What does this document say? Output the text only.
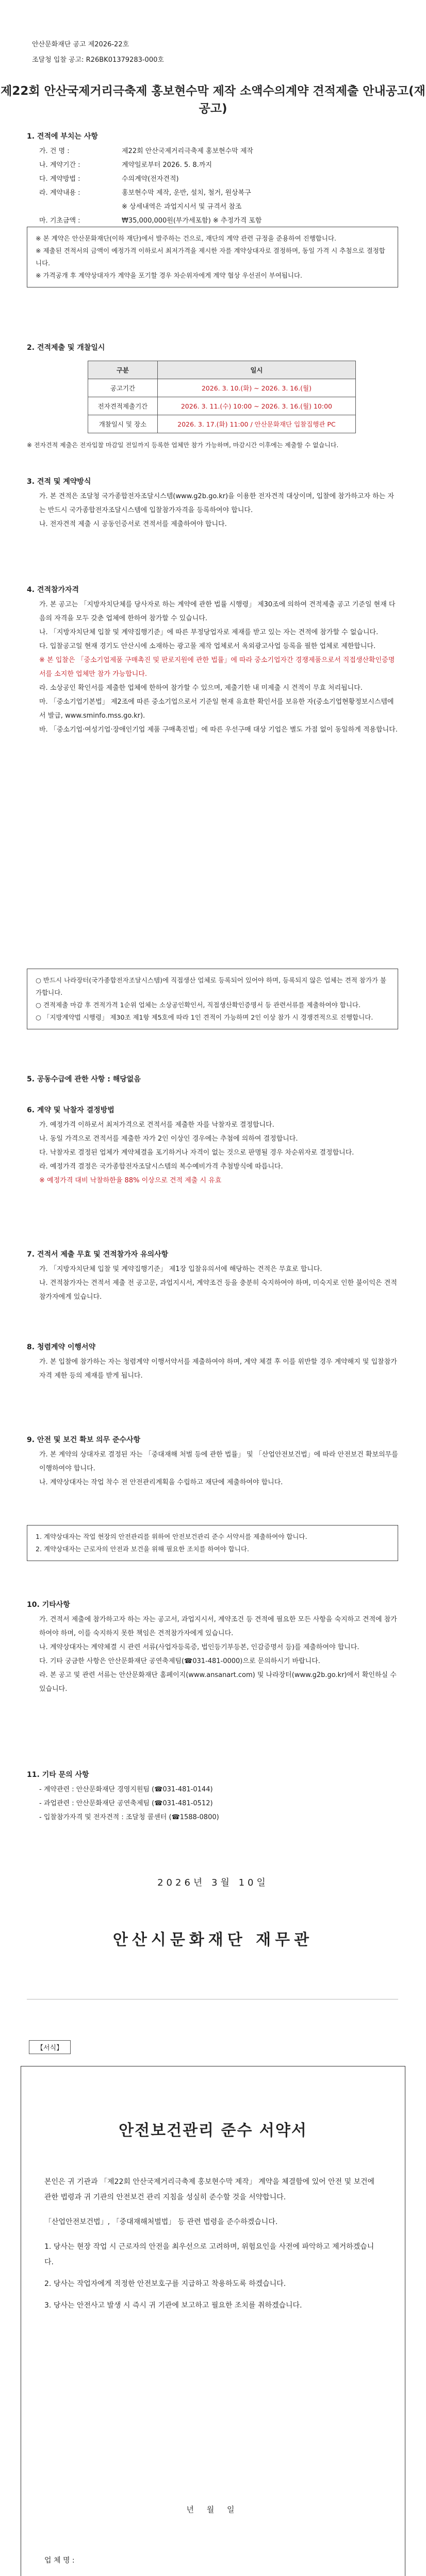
안산문화재단 공고 제2026-22호
조달청 입찰 공고: R26BK01379283-000호
제22회 안산국제거리극축제 홍보현수막 제작 소액수의계약 견적제출 안내공고(재공고)
1. 견적에 부치는 사항
가. 건 명 :	제22회 안산국제거리극축제 홍보현수막 제작
나. 계약기간 :	계약일로부터 2026. 5. 8.까지
다. 계약방법 :	수의계약(전자견적)
라. 계약내용 :	홍보현수막 제작, 운반, 설치, 철거, 원상복구
※ 상세내역은 과업지시서 및 규격서 참조
마. 기초금액 :	₩35,000,000원(부가세포함) ※ 추정가격 포함
※ 본 계약은 안산문화재단(이하 재단)에서 발주하는 건으로, 재단의 계약 관련 규정을 준용하여 진행합니다.
※ 제출된 견적서의 금액이 예정가격 이하로서 최저가격을 제시한 자를 계약상대자로 결정하며, 동일 가격 시 추첨으로 결정합니다.
※ 가격공개 후 계약상대자가 계약을 포기할 경우 차순위자에게 계약 협상 우선권이 부여됩니다.
2. 견적제출 및 개찰일시
구분	일시
공고기간	2026. 3. 10.(화) ~ 2026. 3. 16.(월)
전자견적제출기간	2026. 3. 11.(수) 10:00 ~ 2026. 3. 16.(월) 10:00
개찰일시 및 장소	2026. 3. 17.(화) 11:00 / 안산문화재단 입찰집행관 PC
※ 전자견적 제출은 전자입찰 마감일 전일까지 등록한 업체만 참가 가능하며, 마감시간 이후에는 제출할 수 없습니다.
3. 견적 및 계약방식
가. 본 견적은 조달청 국가종합전자조달시스템(www.g2b.go.kr)을 이용한 전자견적 대상이며, 입찰에 참가하고자 하는 자는 반드시 국가종합전자조달시스템에 입찰참가자격을 등록하여야 합니다.
나. 전자견적 제출 시 공동인증서로 견적서를 제출하여야 합니다.
4. 견적참가자격
가. 본 공고는 「지방자치단체를 당사자로 하는 계약에 관한 법률 시행령」 제30조에 의하여 견적제출 공고 기준일 현재 다음의 자격을 모두 갖춘 업체에 한하여 참가할 수 있습니다.
나. 「지방자치단체 입찰 및 계약집행기준」에 따른 부정당업자로 제재를 받고 있는 자는 견적에 참가할 수 없습니다.
다. 입찰공고일 현재 경기도 안산시에 소재하는 광고물 제작 업체로서 옥외광고사업 등록을 필한 업체로 제한합니다.
※ 본 입찰은 「중소기업제품 구매촉진 및 판로지원에 관한 법률」에 따라 중소기업자간 경쟁제품으로서 직접생산확인증명서를 소지한 업체만 참가 가능합니다.
라. 소상공인 확인서를 제출한 업체에 한하여 참가할 수 있으며, 제출기한 내 미제출 시 견적이 무효 처리됩니다.
마. 「중소기업기본법」 제2조에 따른 중소기업으로서 기준일 현재 유효한 확인서를 보유한 자(중소기업현황정보시스템에서 발급, www.sminfo.mss.go.kr).
바. 「중소기업·여성기업·장애인기업 제품 구매촉진법」에 따른 우선구매 대상 기업은 별도 가점 없이 동일하게 적용합니다.
○ 반드시 나라장터(국가종합전자조달시스템)에 직접생산 업체로 등록되어 있어야 하며, 등록되지 않은 업체는 견적 참가가 불가합니다.
○ 견적제출 마감 후 견적가격 1순위 업체는 소상공인확인서, 직접생산확인증명서 등 관련서류를 제출하여야 합니다.
○ 「지방계약법 시행령」 제30조 제1항 제5호에 따라 1인 견적이 가능하며 2인 이상 참가 시 경쟁견적으로 진행합니다.
5. 공동수급에 관한 사항 : 해당없음
6. 계약 및 낙찰자 결정방법
가. 예정가격 이하로서 최저가격으로 견적서를 제출한 자를 낙찰자로 결정합니다.
나. 동일 가격으로 견적서를 제출한 자가 2인 이상인 경우에는 추첨에 의하여 결정합니다.
다. 낙찰자로 결정된 업체가 계약체결을 포기하거나 자격이 없는 것으로 판명될 경우 차순위자로 결정합니다.
라. 예정가격 결정은 국가종합전자조달시스템의 복수예비가격 추첨방식에 따릅니다.
※ 예정가격 대비 낙찰하한율 88% 이상으로 견적 제출 시 유효
7. 견적서 제출 무효 및 견적참가자 유의사항
가. 「지방자치단체 입찰 및 계약집행기준」 제1장 입찰유의서에 해당하는 견적은 무효로 합니다.
나. 견적참가자는 견적서 제출 전 공고문, 과업지시서, 계약조건 등을 충분히 숙지하여야 하며, 미숙지로 인한 불이익은 견적참가자에게 있습니다.
8. 청렴계약 이행서약
가. 본 입찰에 참가하는 자는 청렴계약 이행서약서를 제출하여야 하며, 계약 체결 후 이를 위반할 경우 계약해지 및 입찰참가자격 제한 등의 제재를 받게 됩니다.
9. 안전 및 보건 확보 의무 준수사항
가. 본 계약의 상대자로 결정된 자는 「중대재해 처벌 등에 관한 법률」 및 「산업안전보건법」에 따라 안전보건 확보의무를 이행하여야 합니다.
나. 계약상대자는 작업 착수 전 안전관리계획을 수립하고 재단에 제출하여야 합니다.
1. 계약상대자는 작업 현장의 안전관리를 위하여 안전보건관리 준수 서약서를 제출하여야 합니다.
2. 계약상대자는 근로자의 안전과 보건을 위해 필요한 조치를 하여야 합니다.
10. 기타사항
가. 견적서 제출에 참가하고자 하는 자는 공고서, 과업지시서, 계약조건 등 견적에 필요한 모든 사항을 숙지하고 견적에 참가하여야 하며, 이를 숙지하지 못한 책임은 견적참가자에게 있습니다.
나. 계약상대자는 계약체결 시 관련 서류(사업자등록증, 법인등기부등본, 인감증명서 등)를 제출하여야 합니다.
다. 기타 궁금한 사항은 안산문화재단 공연축제팀(☎031-481-0000)으로 문의하시기 바랍니다.
라. 본 공고 및 관련 서류는 안산문화재단 홈페이지(www.ansanart.com) 및 나라장터(www.g2b.go.kr)에서 확인하실 수 있습니다.
11. 기타 문의 사항
- 계약관련 : 안산문화재단 경영지원팀 (☎031-481-0144)
- 과업관련 : 안산문화재단 공연축제팀 (☎031-481-0512)
- 입찰참가자격 및 전자견적 : 조달청 콜센터 (☎1588-0800)
2026년 3월 10일
안산시문화재단 재무관
【서식】
안전보건관리 준수 서약서

본인은 귀 기관과 「제22회 안산국제거리극축제 홍보현수막 제작」 계약을 체결함에 있어 안전 및 보건에 관한 법령과 귀 기관의 안전보건 관리 지침을 성실히 준수할 것을 서약합니다.

「산업안전보건법」, 「중대재해처벌법」 등 관련 법령을 준수하겠습니다.

1. 당사는 현장 작업 시 근로자의 안전을 최우선으로 고려하며, 위험요인을 사전에 파악하고 제거하겠습니다.

2. 당사는 작업자에게 적정한 안전보호구를 지급하고 착용하도록 하겠습니다.

3. 당사는 안전사고 발생 시 즉시 귀 기관에 보고하고 필요한 조치를 취하겠습니다.

년 월 일
업 체 명 :
